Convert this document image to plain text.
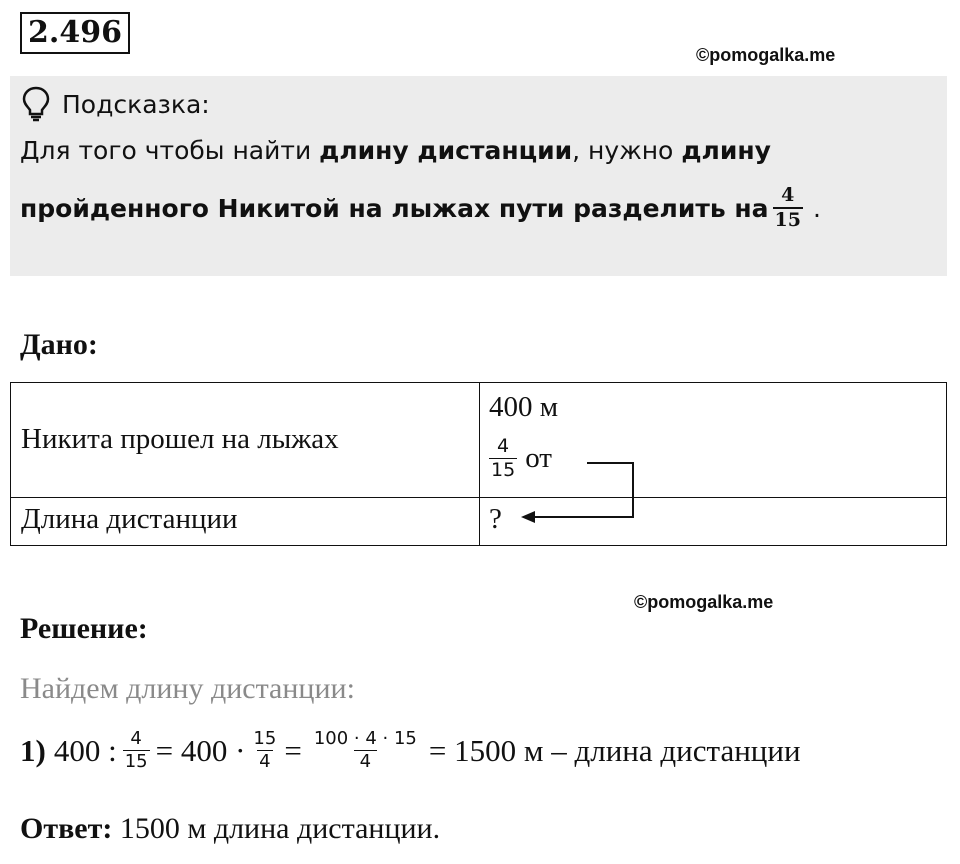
2.496
©pomogalka.me
Подсказка:
Для того чтобы найти длину дистанции, нужно длину
пройденного Никитой на лыжах пути разделить на $\frac{4}{15}$ .
Дано:
Никита прошел на лыжах
400 м
$\frac{4}{15}$ от
Длина дистанции	?
©pomogalka.me
Решение:
Найдем длину дистанции:
1) 400 : $\frac{4}{15} = 400 \cdot \frac{15}{4} = \frac{100 \cdot 4 \cdot 15}{4} = 1500$ м – длина дистанции
Ответ: 1500 м длина дистанции.
